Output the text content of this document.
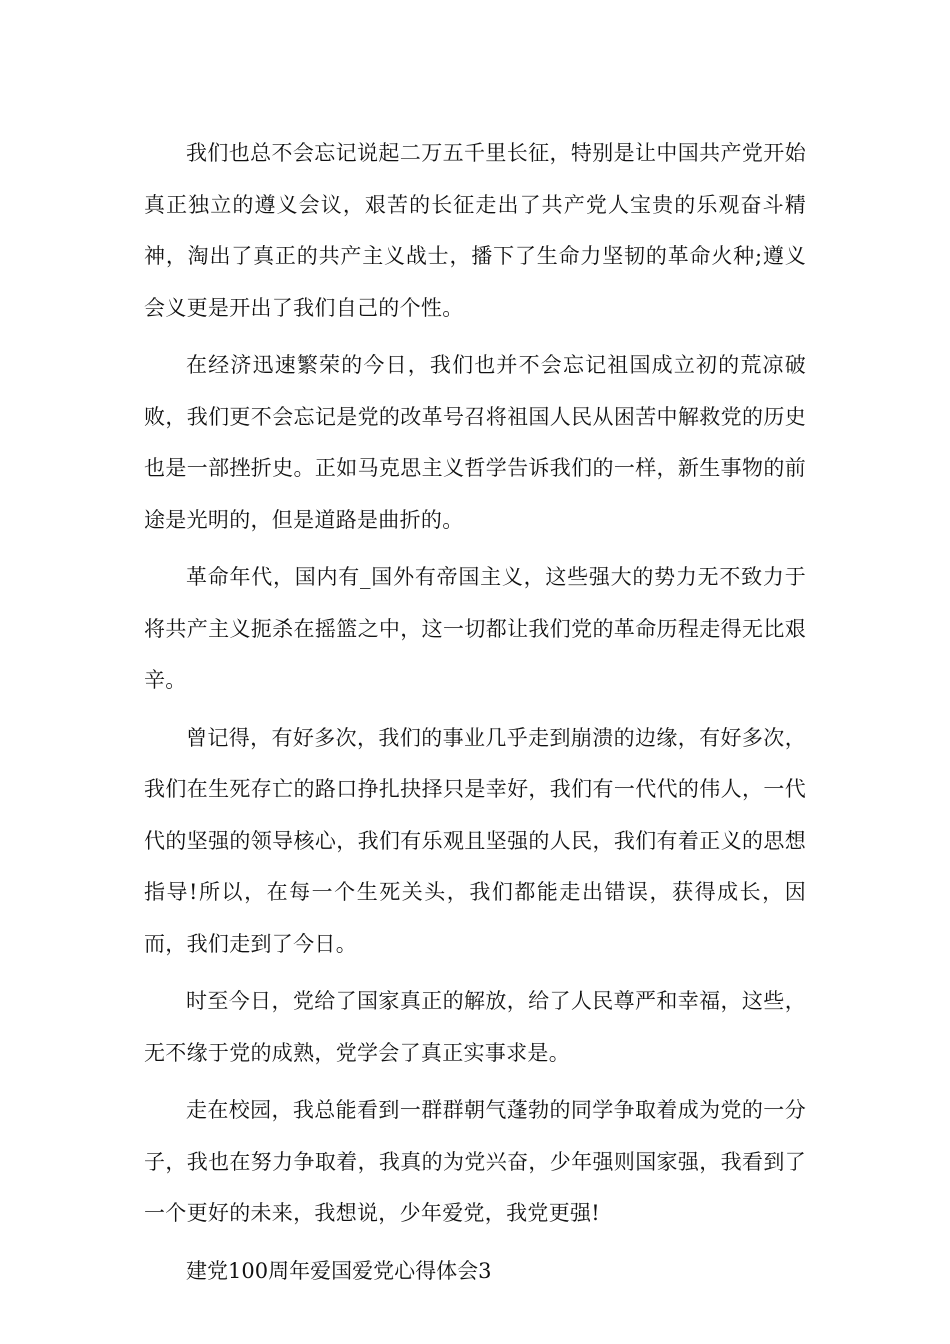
我们也总不会忘记说起二万五千里长征，特别是让中国共产党开始真正独立的遵义会议，艰苦的长征走出了共产党人宝贵的乐观奋斗精神，淘出了真正的共产主义战士，播下了生命力坚韧的革命火种;遵义会义更是开出了我们自己的个性。

在经济迅速繁荣的今日，我们也并不会忘记祖国成立初的荒凉破败，我们更不会忘记是党的改革号召将祖国人民从困苦中解救党的历史也是一部挫折史。正如马克思主义哲学告诉我们的一样，新生事物的前途是光明的，但是道路是曲折的。

革命年代，国内有_国外有帝国主义，这些强大的势力无不致力于将共产主义扼杀在摇篮之中，这一切都让我们党的革命历程走得无比艰辛。

曾记得，有好多次，我们的事业几乎走到崩溃的边缘，有好多次，我们在生死存亡的路口挣扎抉择只是幸好，我们有一代代的伟人，一代代的坚强的领导核心，我们有乐观且坚强的人民，我们有着正义的思想指导!所以，在每一个生死关头，我们都能走出错误，获得成长，因而，我们走到了今日。

时至今日，党给了国家真正的解放，给了人民尊严和幸福，这些，无不缘于党的成熟，党学会了真正实事求是。

走在校园，我总能看到一群群朝气蓬勃的同学争取着成为党的一分子，我也在努力争取着，我真的为党兴奋，少年强则国家强，我看到了一个更好的未来，我想说，少年爱党，我党更强!

建党100周年爱国爱党心得体会3
